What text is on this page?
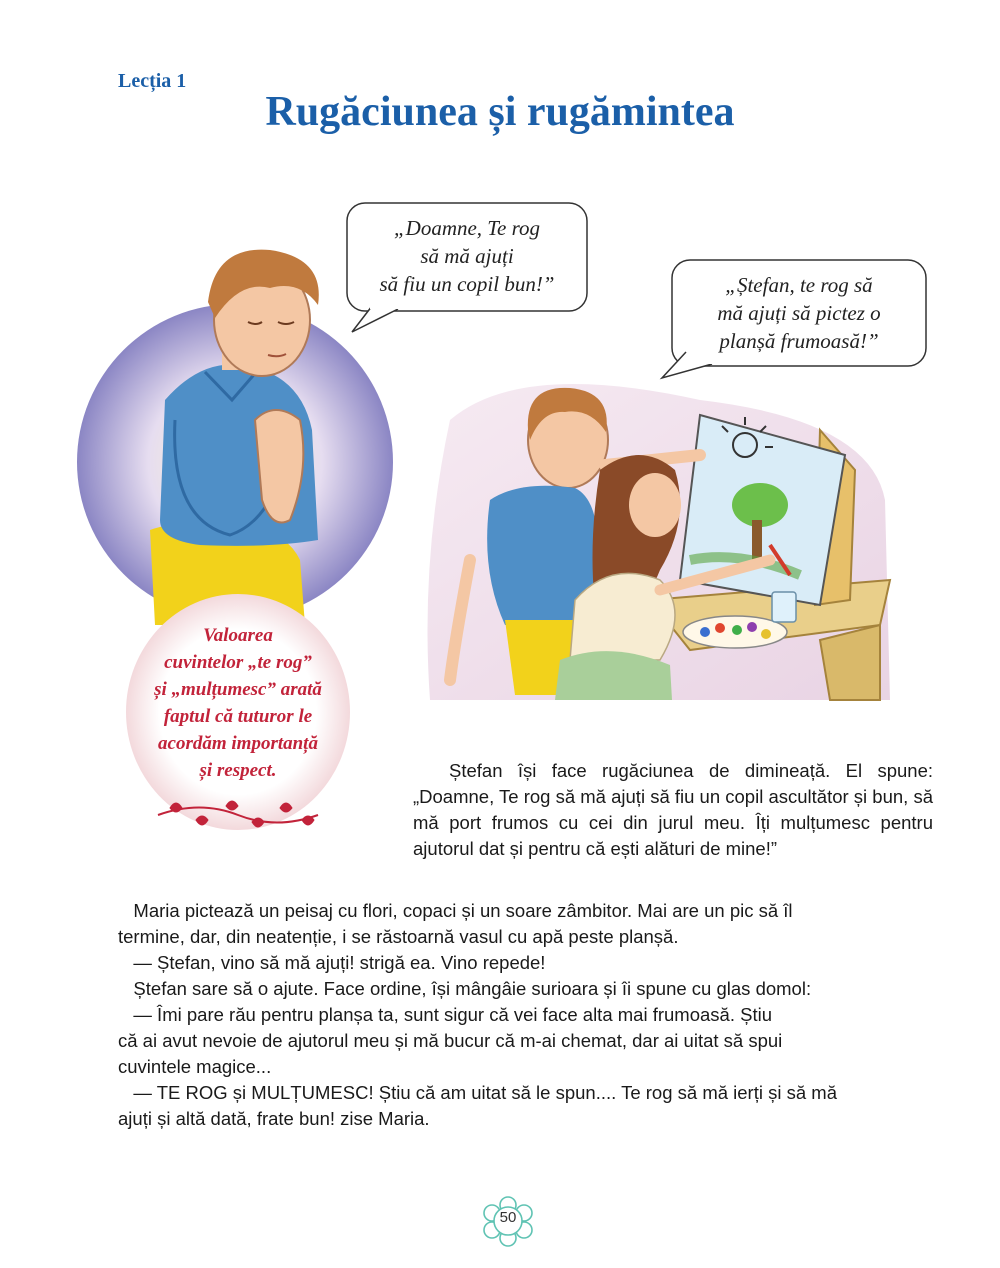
Lecția 1
Rugăciunea și rugămintea
„Doamne, Te rog
să mă ajuți
să fiu un copil bun!”	„Ștefan, te rog să
mă ajuți să pictez o
planșă frumoasă!”
Valoarea
cuvintelor „te rog”
și „mulțumesc” arată
faptul că tuturor le
acordăm importanță
și respect.	Ștefan își face rugăciunea de dimineață. El spune: „Doamne, Te rog să mă ajuți să fiu un copil ascultător și bun, să mă port frumos cu cei din jurul meu. Îți mulțumesc pentru ajutorul dat și pentru că ești alături de mine!”

Maria pictează un peisaj cu flori, copaci și un soare zâmbitor. Mai are un pic să îl
termine, dar, din neatenție, i se răstoarnă vasul cu apă peste planșă.
— Ștefan, vino să mă ajuți! strigă ea. Vino repede!
Ștefan sare să o ajute. Face ordine, își mângâie surioara și îi spune cu glas domol:
— Îmi pare rău pentru planșa ta, sunt sigur că vei face alta mai frumoasă. Știu
că ai avut nevoie de ajutorul meu și mă bucur că m-ai chemat, dar ai uitat să spui
cuvintele magice...
— TE ROG și MULȚUMESC! Știu că am uitat să le spun.... Te rog să mă ierți și să mă
ajuți și altă dată, frate bun! zise Maria.
50
